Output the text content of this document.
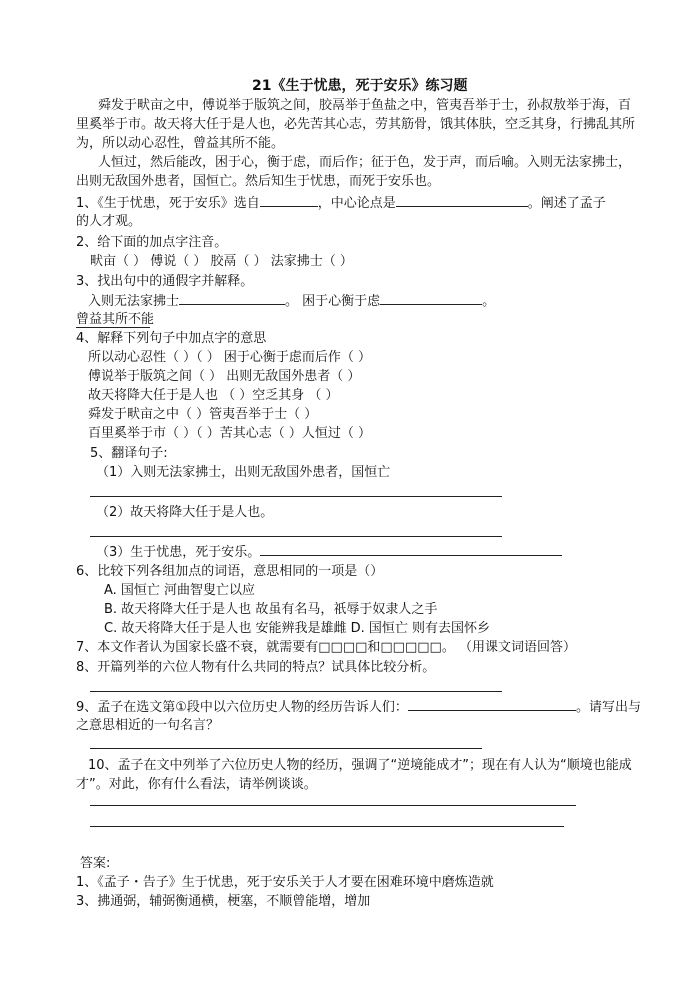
21《生于忧患，死于安乐》练习题
舜发于畎亩之中，傅说举于版筑之间，胶鬲举于鱼盐之中，管夷吾举于士，孙叔敖举于海，百
里奚举于市。故天将大任于是人也，必先苦其心志，劳其筋骨，饿其体肤，空乏其身，行拂乱其所
为，所以动心忍性，曾益其所不能。
人恒过，然后能改，困于心，衡于虑，而后作；征于色，发于声，而后喻。入则无法家拂士，
出则无敌国外患者，国恒亡。然后知生于忧患，而死于安乐也。
1、《生于忧患，死于安乐》选自	，中心论点是	。阐述了孟子
的人才观。
2、给下面的加点字注音。
畎亩（ ） 傅说（ ） 胶鬲（ ） 法家拂士（ ）
3、找出句中的通假字并解释。
入则无法家拂士	。 困于心衡于虑	。
曾益其所不能
4、解释下列句子中加点字的意思
所以动心忍性（ ）（ ） 困于心衡于虑而后作（ ）
傅说举于版筑之间（ ） 出则无敌国外患者（ ）
故天将降大任于是人也 （ ）空乏其身 （ ）
舜发于畎亩之中（ ）管夷吾举于士（ ）
百里奚举于市（ ）（ ）苦其心志（ ）人恒过（ ）
5、翻译句子:
（1）入则无法家拂士，出则无敌国外患者，国恒亡
（2）故天将降大任于是人也。
（3）生于忧患，死于安乐。
6、比较下列各组加点的词语，意思相同的一项是（）
A. 国恒亡 河曲智叟亡以应
B. 故天将降大任于是人也 故虽有名马，祇辱于奴隶人之手
C. 故天将降大任于是人也 安能辨我是雄雌 D. 国恒亡 则有去国怀乡
7、本文作者认为国家长盛不衰，就需要有□□□□和□□□□□。 （用课文词语回答）
8、开篇列举的六位人物有什么共同的特点？试具体比较分析。
9、孟子在选文第①段中以六位历史人物的经历告诉人们：	。请写出与
之意思相近的一句名言？
10、孟子在文中列举了六位历史人物的经历，强调了“逆境能成才”；现在有人认为“顺境也能成
才”。对此，你有什么看法，请举例谈谈。
答案:
1、《孟子・告子》生于忧患，死于安乐关于人才要在困难环境中磨炼造就
3、拂通弼，辅弼衡通横，梗塞，不顺曾能增，增加
